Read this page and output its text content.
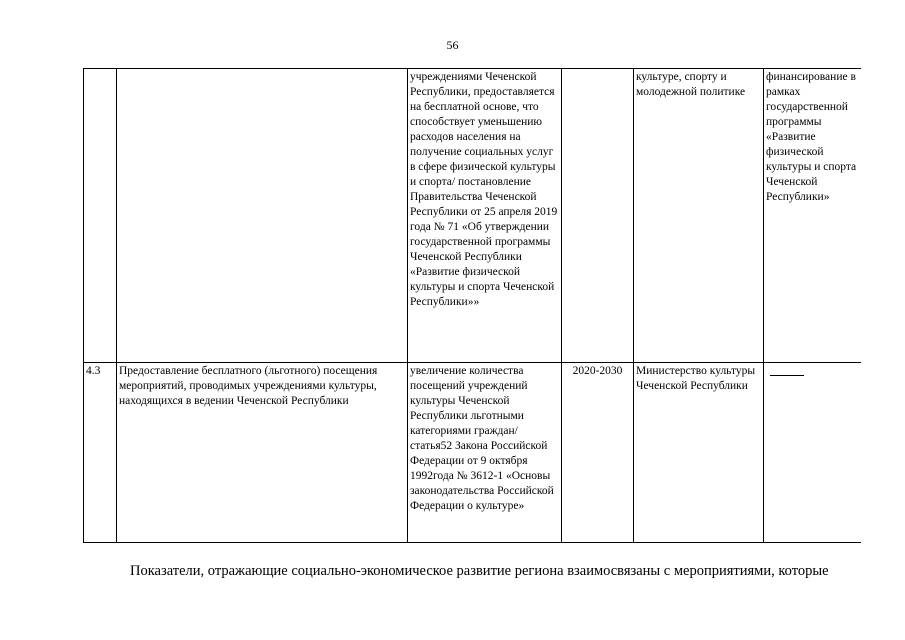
56
		учреждениями Чеченской Республики, предоставляется на бесплатной основе, что способствует уменьшению расходов населения на получение социальных услуг в сфере физической культуры и спорта/ постановление Правительства Чеченской Республики от 25 апреля 2019 года № 71 «Об утверждении государственной программы Чеченской Республики «Развитие физической культуры и спорта Чеченской Республики»»		культуре, спорту и молодежной политике	финансирование в рамках государственной программы «Развитие физической культуры и спорта Чеченской Республики»
4.3	Предоставление бесплатного (льготного) посещения мероприятий, проводимых учреждениями культуры, находящихся в ведении Чеченской Республики	увеличение количества посещений учреждений культуры Чеченской Республики льготными категориями граждан/ статья52 Закона Российской Федерации от 9 октября 1992года № 3612-1 «Основы законодательства Российской Федерации о культуре»	2020-2030	Министерство культуры Чеченской Республики	
Показатели, отражающие социально-экономическое развитие региона взаимосвязаны с мероприятиями, которые
